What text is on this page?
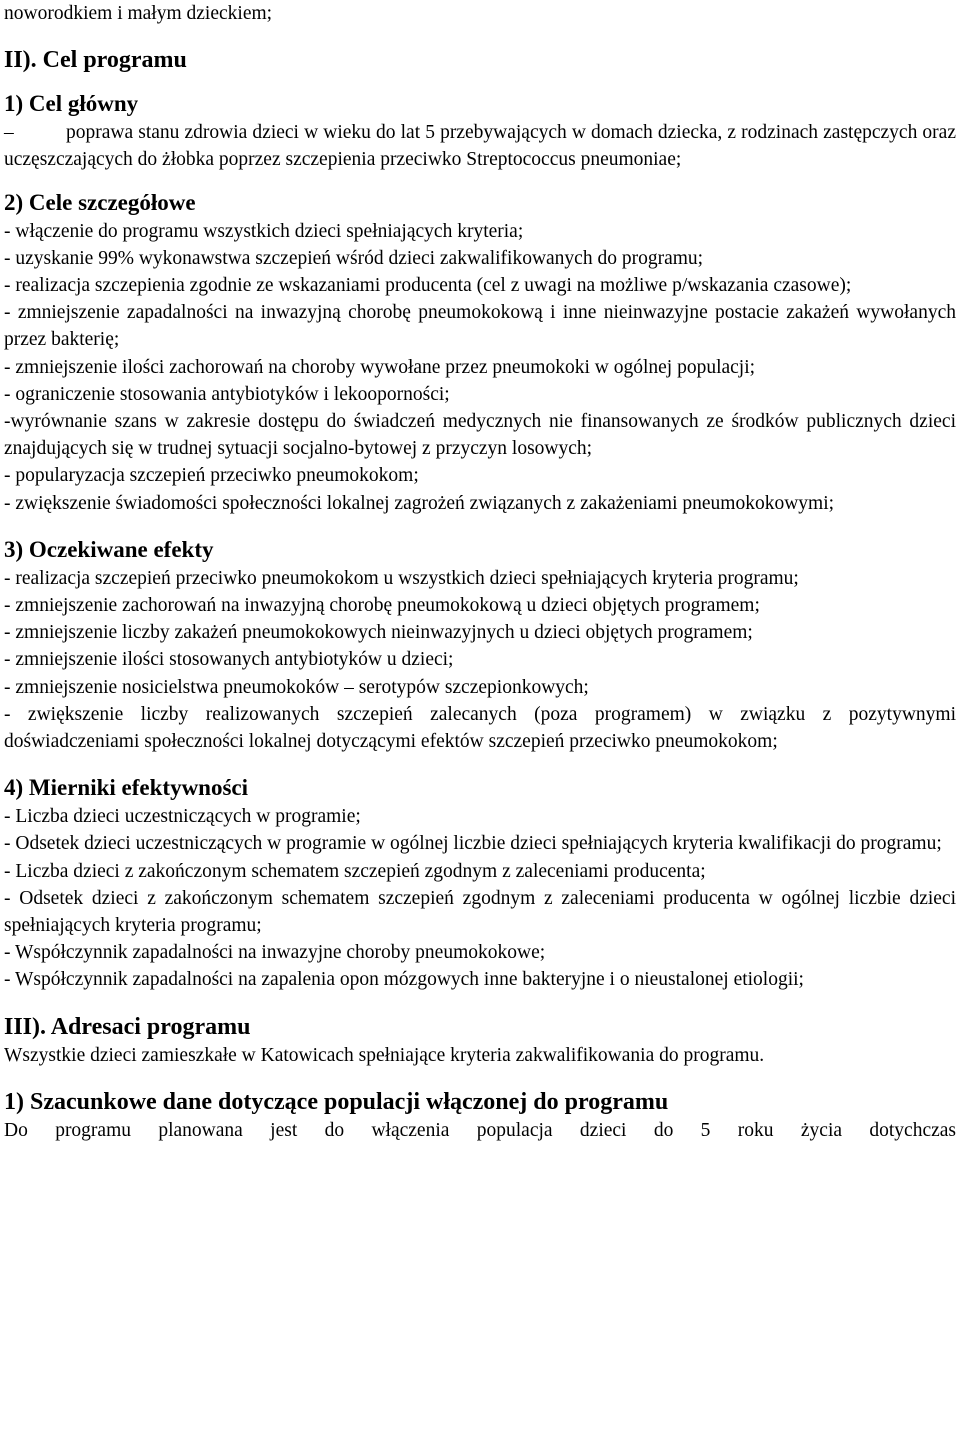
noworodkiem i małym dzieckiem;
II). Cel programu
1) Cel główny
–	poprawa stanu zdrowia dzieci w wieku do lat 5 przebywających w domach dziecka, z rodzinach zastępczych oraz uczęszczających do żłobka poprzez szczepienia przeciwko Streptococcus pneumoniae;
2) Cele szczegółowe
- włączenie do programu wszystkich dzieci spełniających kryteria;
- uzyskanie 99% wykonawstwa szczepień wśród dzieci zakwalifikowanych do programu;
- realizacja szczepienia zgodnie ze wskazaniami producenta (cel z uwagi na możliwe p/wskazania czasowe);
- zmniejszenie zapadalności na inwazyjną chorobę pneumokokową i inne nieinwazyjne postacie zakażeń wywołanych przez bakterię;
- zmniejszenie ilości zachorowań na choroby wywołane przez pneumokoki w ogólnej populacji;
- ograniczenie stosowania antybiotyków i lekooporności;
-wyrównanie szans w zakresie dostępu do świadczeń medycznych nie finansowanych ze środków publicznych dzieci znajdujących się w trudnej sytuacji socjalno-bytowej z przyczyn losowych;
- popularyzacja szczepień przeciwko pneumokokom;
- zwiększenie świadomości społeczności lokalnej zagrożeń związanych z zakażeniami pneumokokowymi;
3) Oczekiwane efekty
- realizacja szczepień przeciwko pneumokokom u wszystkich dzieci spełniających kryteria programu;
- zmniejszenie zachorowań na inwazyjną chorobę pneumokokową u dzieci objętych programem;
- zmniejszenie liczby zakażeń pneumokokowych nieinwazyjnych u dzieci objętych programem;
- zmniejszenie ilości stosowanych antybiotyków u dzieci;
- zmniejszenie nosicielstwa pneumokoków – serotypów szczepionkowych;
- zwiększenie liczby realizowanych szczepień zalecanych (poza programem) w związku z pozytywnymi doświadczeniami społeczności lokalnej dotyczącymi efektów szczepień przeciwko pneumokokom;
4) Mierniki efektywności
- Liczba dzieci uczestniczących w programie;
- Odsetek dzieci uczestniczących w programie w ogólnej liczbie dzieci spełniających kryteria kwalifikacji do programu;
- Liczba dzieci z zakończonym schematem szczepień zgodnym z zaleceniami producenta;
- Odsetek dzieci z zakończonym schematem szczepień zgodnym z zaleceniami producenta w ogólnej liczbie dzieci spełniających kryteria programu;
- Współczynnik zapadalności na inwazyjne choroby pneumokokowe;
- Współczynnik zapadalności na zapalenia opon mózgowych inne bakteryjne i o nieustalonej etiologii;
III). Adresaci programu
Wszystkie dzieci zamieszkałe w Katowicach spełniające kryteria zakwalifikowania do programu.
1) Szacunkowe dane dotyczące populacji włączonej do programu
Do programu planowana jest do włączenia populacja dzieci do 5 roku życia dotychczas
